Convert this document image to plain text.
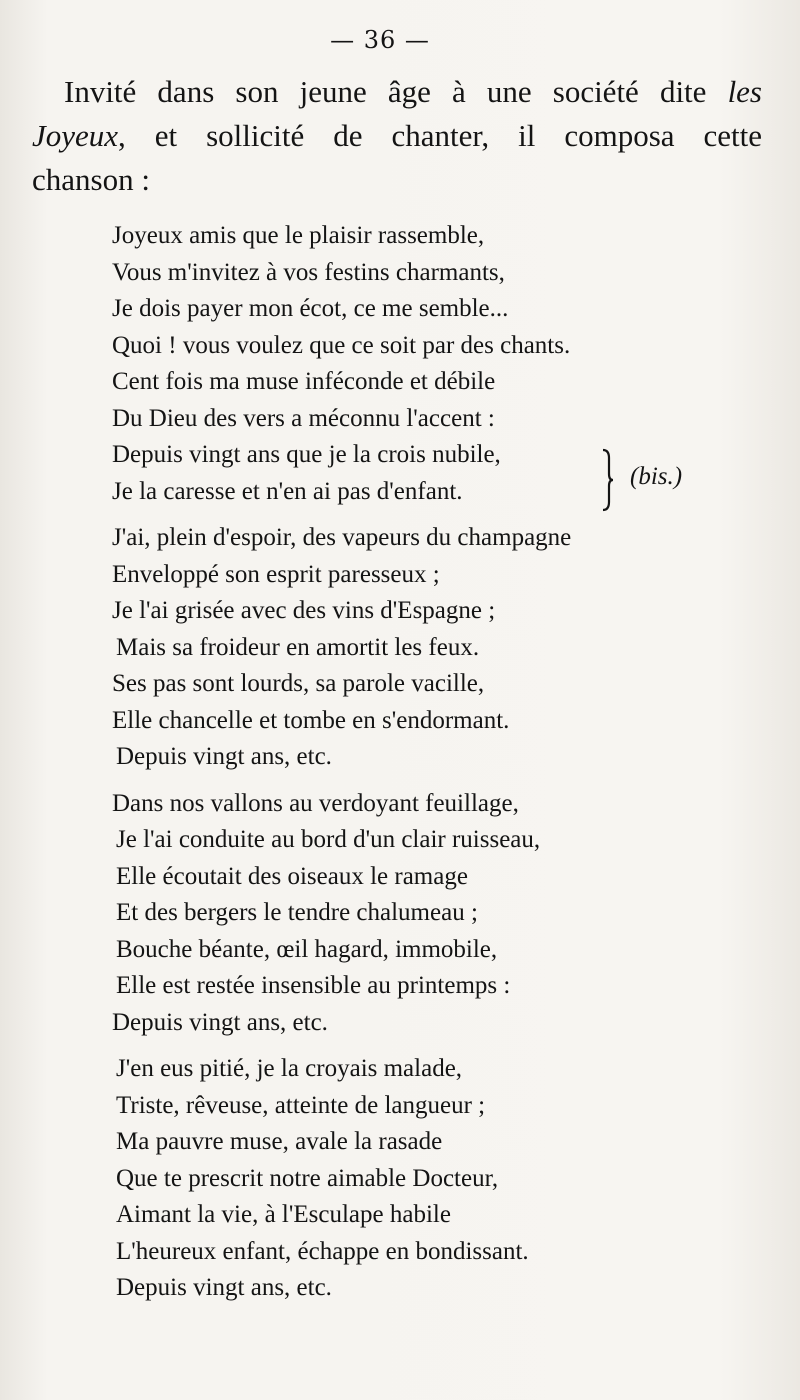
— 36 —
Invité dans son jeune âge à une société dite les
Joyeux, et sollicité de chanter, il composa cette
chanson :
Joyeux amis que le plaisir rassemble,
Vous m'invitez à vos festins charmants,
Je dois payer mon écot, ce me semble...
Quoi ! vous voulez que ce soit par des chants.
Cent fois ma muse inféconde et débile
Du Dieu des vers a méconnu l'accent :
Depuis vingt ans que je la crois nubile,
Je la caresse et n'en ai pas d'enfant.
J'ai, plein d'espoir, des vapeurs du champagne
Enveloppé son esprit paresseux ;
Je l'ai grisée avec des vins d'Espagne ;
Mais sa froideur en amortit les feux.
Ses pas sont lourds, sa parole vacille,
Elle chancelle et tombe en s'endormant.
Depuis vingt ans, etc.
Dans nos vallons au verdoyant feuillage,
Je l'ai conduite au bord d'un clair ruisseau,
Elle écoutait des oiseaux le ramage
Et des bergers le tendre chalumeau ;
Bouche béante, œil hagard, immobile,
Elle est restée insensible au printemps :
Depuis vingt ans, etc.
J'en eus pitié, je la croyais malade,
Triste, rêveuse, atteinte de langueur ;
Ma pauvre muse, avale la rasade
Que te prescrit notre aimable Docteur,
Aimant la vie, à l'Esculape habile
L'heureux enfant, échappe en bondissant.
Depuis vingt ans, etc.
(bis.)
